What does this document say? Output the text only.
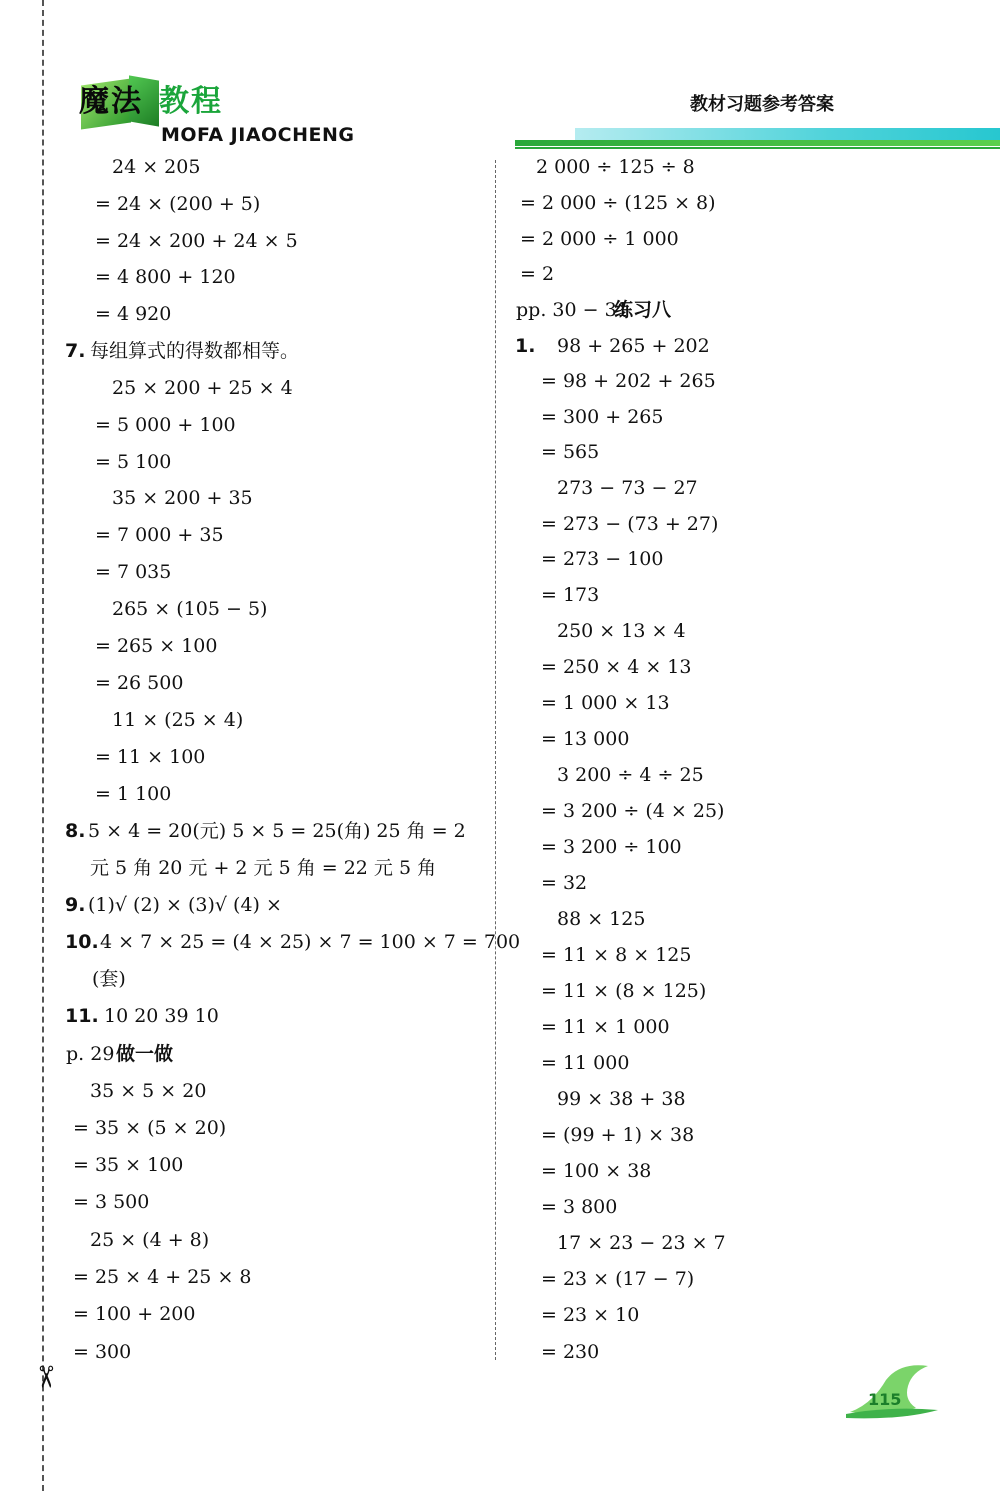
✂
魔法 教程
MOFA JIAOCHENG
教材习题参考答案
24 × 205
= 24 × (200 + 5)
= 24 × 200 + 24 × 5
= 4 800 + 120
= 4 920
7. 每组算式的得数都相等。
25 × 200 + 25 × 4
= 5 000 + 100
= 5 100
35 × 200 + 35
= 7 000 + 35
= 7 035
265 × (105 − 5)
= 265 × 100
= 26 500
11 × (25 × 4)
= 11 × 100
= 1 100
8. 5 × 4 = 20(元) 5 × 5 = 25(角) 25 角 = 2
元 5 角 20 元 + 2 元 5 角 = 22 元 5 角
9. (1)√ (2) × (3)√ (4) ×
10. 4 × 7 × 25 = (4 × 25) × 7 = 100 × 7 = 700
(套)
11. 10 20 39 10
p. 29 做一做
35 × 5 × 20
= 35 × (5 × 20)
= 35 × 100
= 3 500
25 × (4 + 8)
= 25 × 4 + 25 × 8
= 100 + 200
= 300
2 000 ÷ 125 ÷ 8
= 2 000 ÷ (125 × 8)
= 2 000 ÷ 1 000
= 2
pp. 30 − 31
练习八
1. 98 + 265 + 202
= 98 + 202 + 265
= 300 + 265
= 565
273 − 73 − 27
= 273 − (73 + 27)
= 273 − 100
= 173
250 × 13 × 4
= 250 × 4 × 13
= 1 000 × 13
= 13 000
3 200 ÷ 4 ÷ 25
= 3 200 ÷ (4 × 25)
= 3 200 ÷ 100
= 32
88 × 125
= 11 × 8 × 125
= 11 × (8 × 125)
= 11 × 1 000
= 11 000
99 × 38 + 38
= (99 + 1) × 38
= 100 × 38
= 3 800
17 × 23 − 23 × 7
= 23 × (17 − 7)
= 23 × 10
= 230
115
